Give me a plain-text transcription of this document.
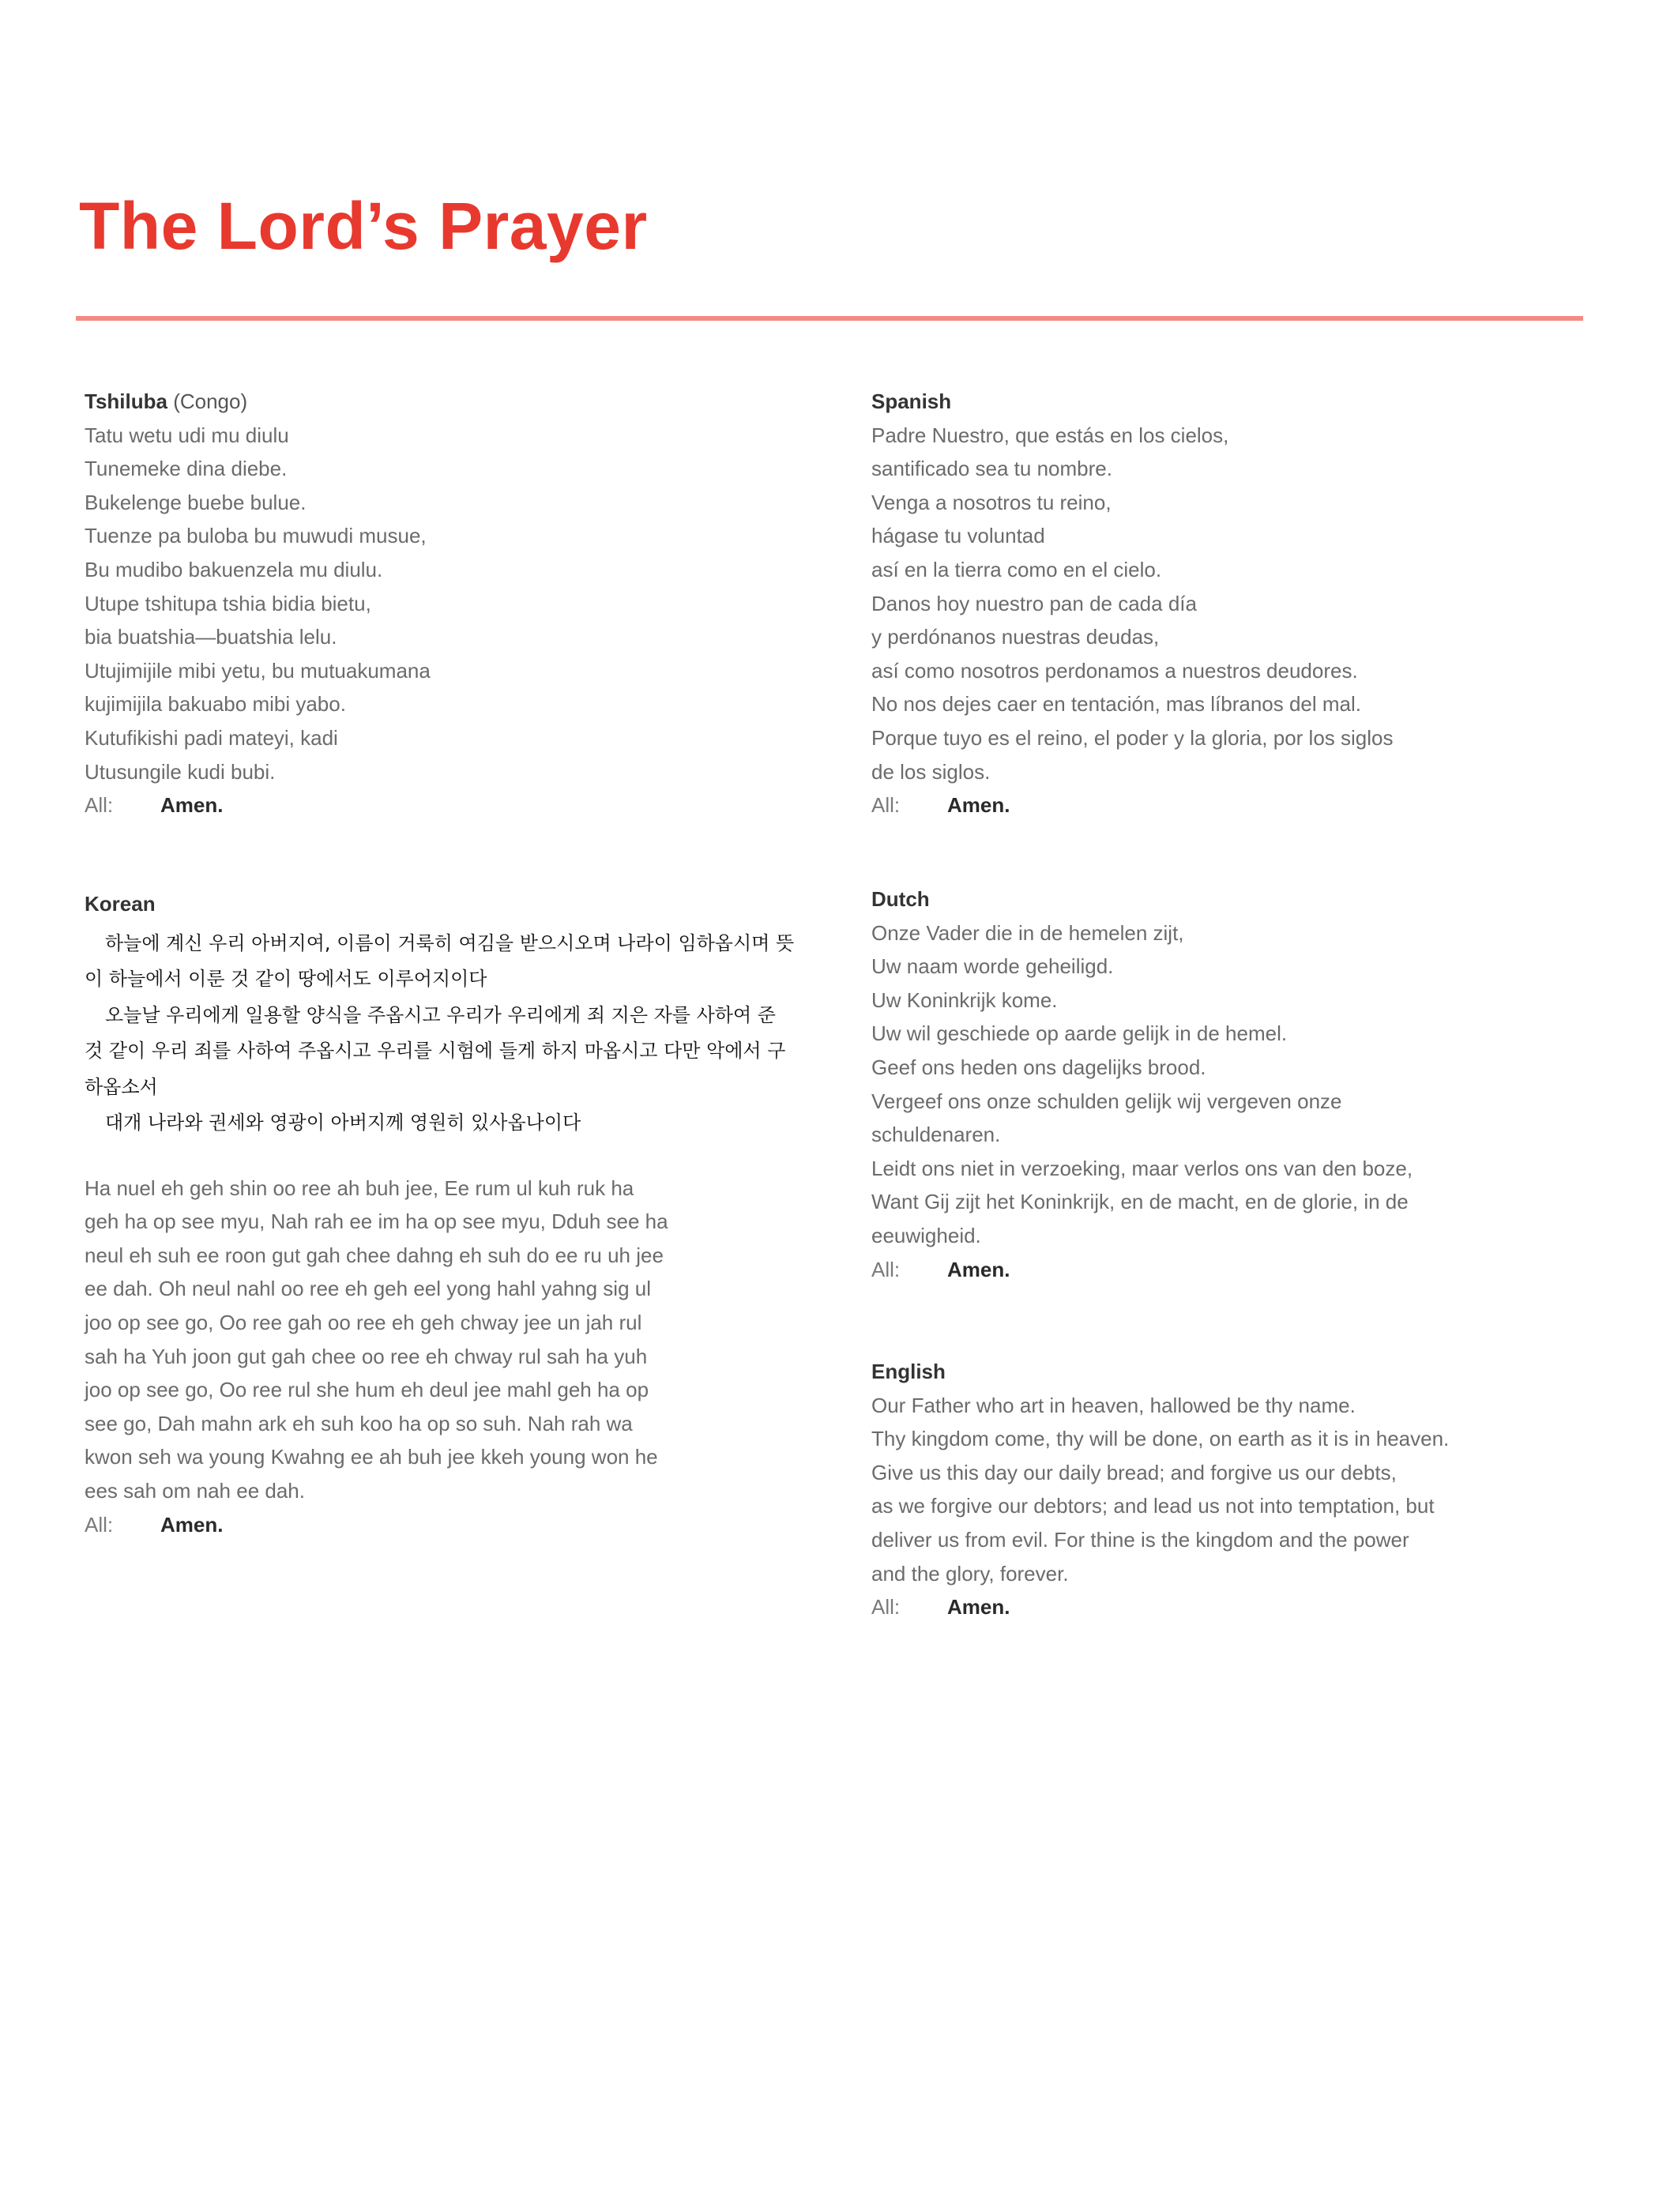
The Lord’s Prayer
Tshiluba (Congo)
Tatu wetu udi mu diulu
Tunemeke dina diebe.
Bukelenge buebe bulue.
Tuenze pa buloba bu muwudi musue,
Bu mudibo bakuenzela mu diulu.
Utupe tshitupa tshia bidia bietu,
bia buatshia—buatshia lelu.
Utujimijile mibi yetu, bu mutuakumana
kujimijila bakuabo mibi yabo.
Kutufikishi padi mateyi, kadi
Utusungile kudi bubi.
All:	Amen.
Spanish
Padre Nuestro, que estás en los cielos,
santificado sea tu nombre.
Venga a nosotros tu reino,
hágase tu voluntad
así en la tierra como en el cielo.
Danos hoy nuestro pan de cada día
y perdónanos nuestras deudas,
así como nosotros perdonamos a nuestros deudores.
No nos dejes caer en tentación, mas líbranos del mal.
Porque tuyo es el reino, el poder y la gloria, por los siglos
de los siglos.
All:	Amen.
Korean
하늘에 계신 우리 아버지여, 이름이 거룩히 여김을 받으시오며 나라이 임하옵시며 뜻이 하늘에서 이룬 것 같이 땅에서도 이루어지이다
오늘날 우리에게 일용할 양식을 주옵시고 우리가 우리에게 죄 지은 자를 사하여 준 것 같이 우리 죄를 사하여 주옵시고 우리를 시험에 들게 하지 마옵시고 다만 악에서 구하옵소서
대개 나라와 권세와 영광이 아버지께 영원히 있사옵나이다
Ha nuel eh geh shin oo ree ah buh jee, Ee rum ul kuh ruk ha
geh ha op see myu, Nah rah ee im ha op see myu, Dduh see ha
neul eh suh ee roon gut gah chee dahng eh suh do ee ru uh jee
ee dah. Oh neul nahl oo ree eh geh eel yong hahl yahng sig ul
joo op see go, Oo ree gah oo ree eh geh chway jee un jah rul
sah ha Yuh joon gut gah chee oo ree eh chway rul sah ha yuh
joo op see go, Oo ree rul she hum eh deul jee mahl geh ha op
see go, Dah mahn ark eh suh koo ha op so suh. Nah rah wa
kwon seh wa young Kwahng ee ah buh jee kkeh young won he
ees sah om nah ee dah.
All:	Amen.
Dutch
Onze Vader die in de hemelen zijt,
Uw naam worde geheiligd.
Uw Koninkrijk kome.
Uw wil geschiede op aarde gelijk in de hemel.
Geef ons heden ons dagelijks brood.
Vergeef ons onze schulden gelijk wij vergeven onze
schuldenaren.
Leidt ons niet in verzoeking, maar verlos ons van den boze,
Want Gij zijt het Koninkrijk, en de macht, en de glorie, in de
eeuwigheid.
All:	Amen.
English
Our Father who art in heaven, hallowed be thy name.
Thy kingdom come, thy will be done, on earth as it is in heaven.
Give us this day our daily bread; and forgive us our debts,
as we forgive our debtors; and lead us not into temptation, but
deliver us from evil. For thine is the kingdom and the power
and the glory, forever.
All:	Amen.
